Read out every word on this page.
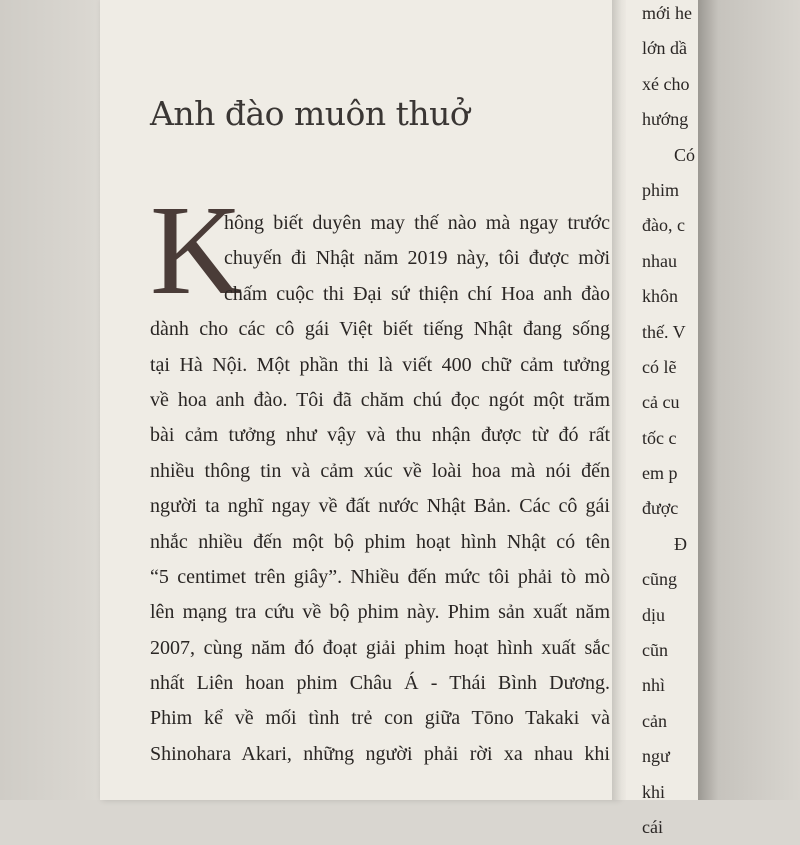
Anh đào muôn thuở
K
hông biết duyên may thế nào mà ngay trước
chuyến đi Nhật năm 2019 này, tôi được mời
chấm cuộc thi Đại sứ thiện chí Hoa anh đào
dành cho các cô gái Việt biết tiếng Nhật đang sống
tại Hà Nội. Một phần thi là viết 400 chữ cảm tưởng
về hoa anh đào. Tôi đã chăm chú đọc ngót một trăm
bài cảm tưởng như vậy và thu nhận được từ đó rất
nhiều thông tin và cảm xúc về loài hoa mà nói đến
người ta nghĩ ngay về đất nước Nhật Bản. Các cô gái
nhắc nhiều đến một bộ phim hoạt hình Nhật có tên
“5 centimet trên giây”. Nhiều đến mức tôi phải tò mò
lên mạng tra cứu về bộ phim này. Phim sản xuất năm
2007, cùng năm đó đoạt giải phim hoạt hình xuất sắc
nhất Liên hoan phim Châu Á - Thái Bình Dương.
Phim kể về mối tình trẻ con giữa Tōno Takaki và
Shinohara Akari, những người phải rời xa nhau khi
mới he
lớn dầ
xé cho
hướng
Có
phim
đào, c
nhau
khôn
thế. V
có lẽ
cả cu
tốc c
em p
được
Đ
cũng
dịu
cũn
nhì
cản
ngư
khi
cái
